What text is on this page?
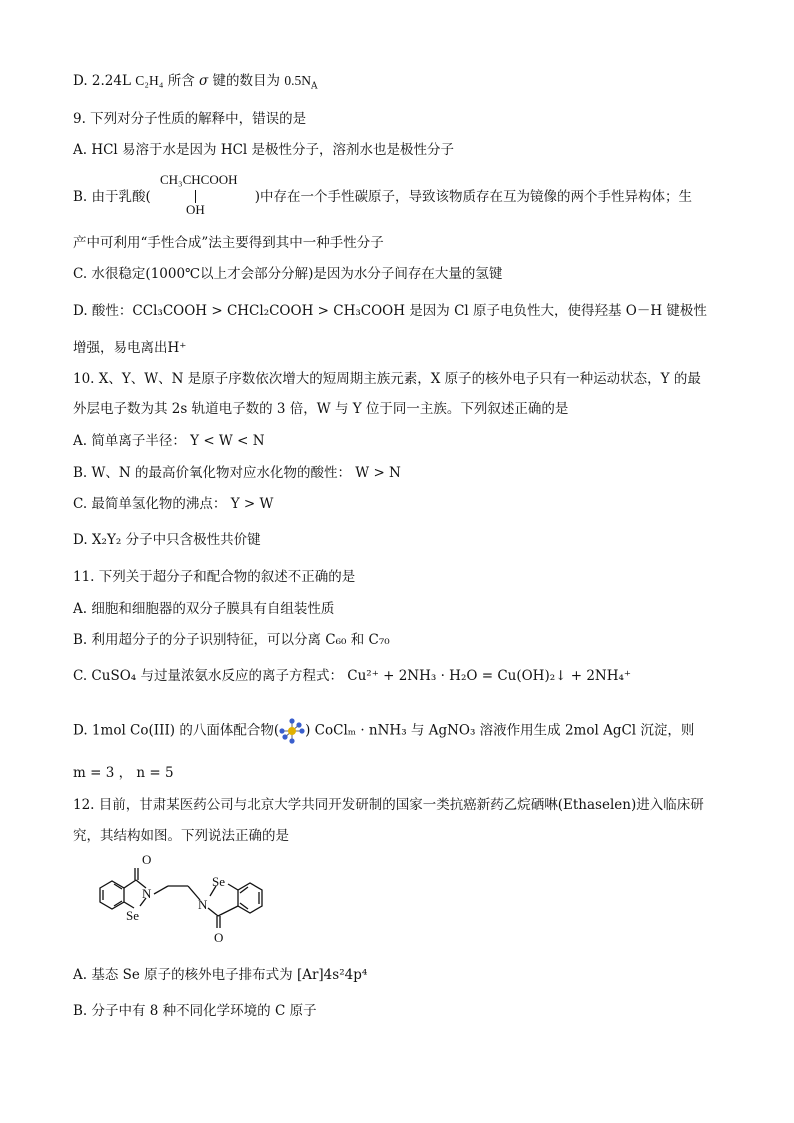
D. 2.24L C₂H₄ 所含 σ 键的数目为 $0.5N_A$
9. 下列对分子性质的解释中，错误的是
A. HCl 易溶于水是因为 HCl 是极性分子，溶剂水也是极性分子
B. 由于乳酸(	)中存在一个手性碳原子，导致该物质存在互为镜像的两个手性异构体；生
CH₃CHCOOH
OH
产中可利用“手性合成”法主要得到其中一种手性分子
C. 水很稳定(1000℃以上才会部分分解)是因为水分子间存在大量的氢键
D. 酸性：CCl₃COOH > CHCl₂COOH > CH₃COOH 是因为 Cl 原子电负性大，使得羟基 O－H 键极性
增强，易电离出H⁺
10. X、Y、W、N 是原子序数依次增大的短周期主族元素，X 原子的核外电子只有一种运动状态，Y 的最
外层电子数为其 2s 轨道电子数的 3 倍，W 与 Y 位于同一主族。下列叙述正确的是
A. 简单离子半径： Y < W < N
B. W、N 的最高价氧化物对应水化物的酸性： W > N
C. 最简单氢化物的沸点： Y > W
D. X₂Y₂ 分子中只含极性共价键
11. 下列关于超分子和配合物的叙述不正确的是
A. 细胞和细胞器的双分子膜具有自组装性质
B. 利用超分子的分子识别特征，可以分离 C₆₀ 和 C₇₀
C. CuSO₄ 与过量浓氨水反应的离子方程式： Cu²⁺ + 2NH₃ · H₂O = Cu(OH)₂↓ + 2NH₄⁺
D. 1mol Co(III) 的八面体配合物( ) CoClₘ · nNH₃ 与 AgNO₃ 溶液作用生成 2mol AgCl 沉淀，则
m = 3 ， n = 5
12. 目前，甘肃某医药公司与北京大学共同开发研制的国家一类抗癌新药乙烷硒啉(Ethaselen)进入临床研
究，其结构如图。下列说法正确的是
N
O
Se
Se
N
O
A. 基态 Se 原子的核外电子排布式为 [Ar]4s²4p⁴
B. 分子中有 8 种不同化学环境的 C 原子
